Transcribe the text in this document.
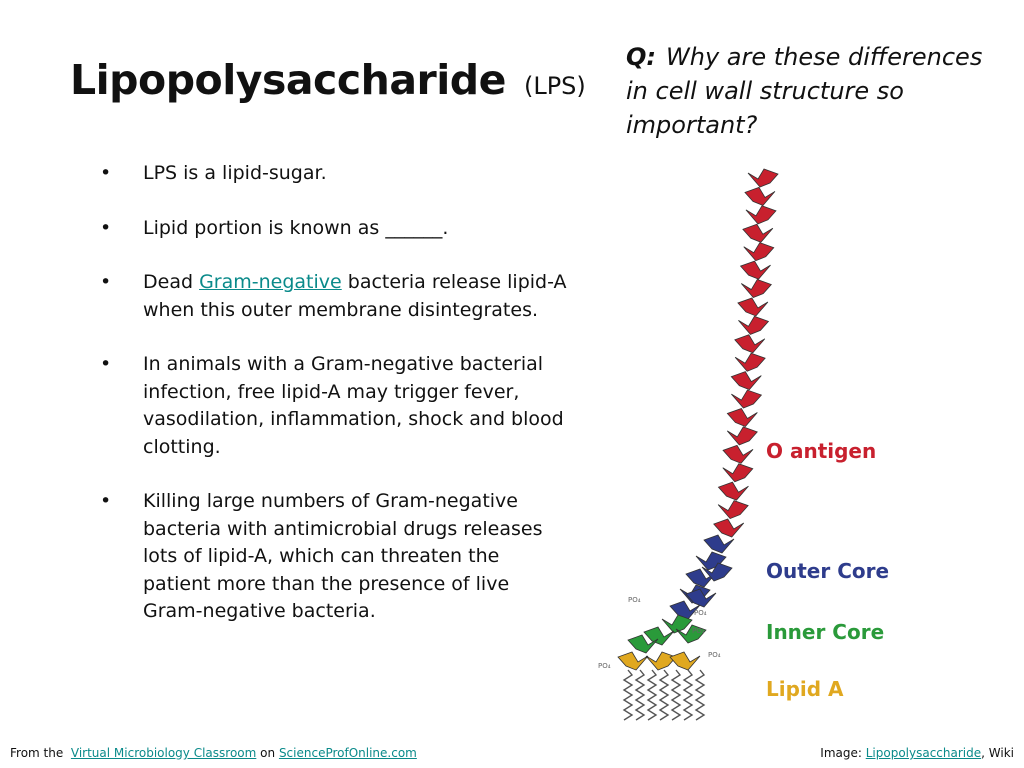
Lipopolysaccharide (LPS)
Q: Why are these differences in cell wall structure so important?
• LPS is a lipid-sugar.
• Lipid portion is known as ______.
• Dead Gram-negative bacteria release lipid-A when this outer membrane disintegrates.
• In animals with a Gram-negative bacterial infection, free lipid-A may trigger fever, vasodilation, inflammation, shock and blood clotting.
• Killing large numbers of Gram-negative bacteria with antimicrobial drugs releases lots of lipid-A, which can threaten the patient more than the presence of live Gram-negative bacteria.	PO₄
PO₄
PO₄
PO₄
PO₄
O antigen
Outer Core
Inner Core
Lipid A
From the Virtual Microbiology Classroom on ScienceProfOnline.com	Image: Lipopolysaccharide, Wiki
